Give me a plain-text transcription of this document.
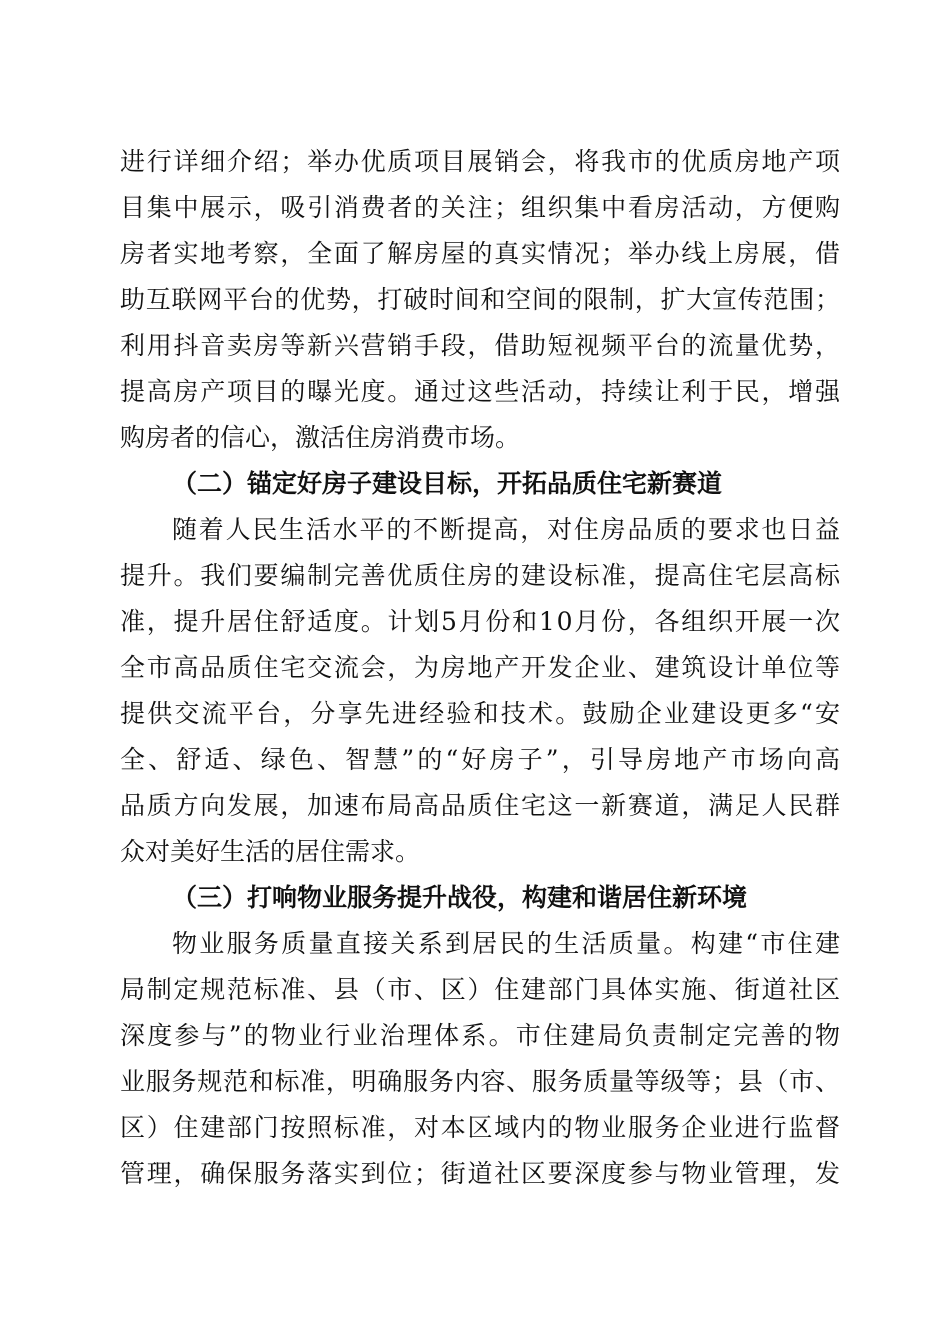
进行详细介绍；举办优质项目展销会，将我市的优质房地产项
目集中展示，吸引消费者的关注；组织集中看房活动，方便购
房者实地考察，全面了解房屋的真实情况；举办线上房展，借
助互联网平台的优势，打破时间和空间的限制，扩大宣传范围；
利用抖音卖房等新兴营销手段，借助短视频平台的流量优势，
提高房产项目的曝光度。通过这些活动，持续让利于民，增强
购房者的信心，激活住房消费市场。
（二）锚定好房子建设目标，开拓品质住宅新赛道
随着人民生活水平的不断提高，对住房品质的要求也日益
提升。我们要编制完善优质住房的建设标准，提高住宅层高标
准，提升居住舒适度。计划5月份和10月份，各组织开展一次
全市高品质住宅交流会，为房地产开发企业、建筑设计单位等
提供交流平台，分享先进经验和技术。鼓励企业建设更多“安
全、舒适、绿色、智慧”的“好房子”，引导房地产市场向高
品质方向发展，加速布局高品质住宅这一新赛道，满足人民群
众对美好生活的居住需求。
（三）打响物业服务提升战役，构建和谐居住新环境
物业服务质量直接关系到居民的生活质量。构建“市住建
局制定规范标准、县（市、区）住建部门具体实施、街道社区
深度参与”的物业行业治理体系。市住建局负责制定完善的物
业服务规范和标准，明确服务内容、服务质量等级等；县（市、
区）住建部门按照标准，对本区域内的物业服务企业进行监督
管理，确保服务落实到位；街道社区要深度参与物业管理，发
